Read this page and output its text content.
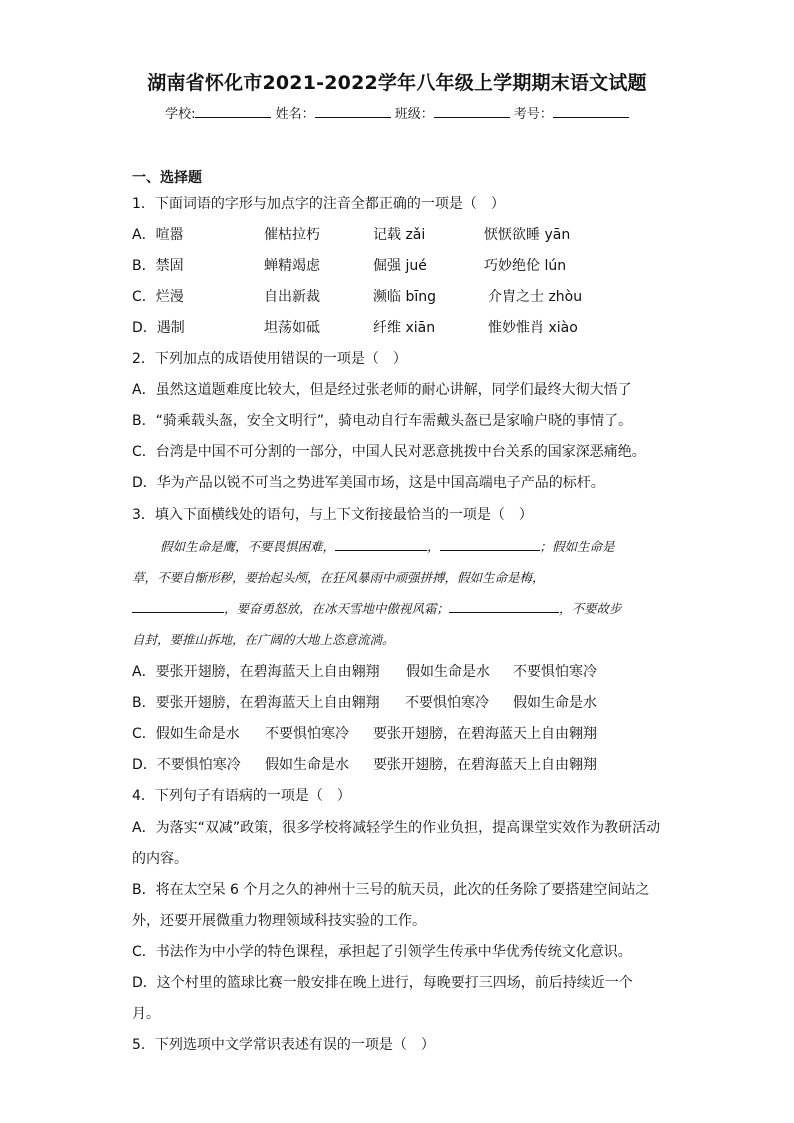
湖南省怀化市2021-2022学年八年级上学期期末语文试题
学校:	姓名：	班级：	考号：
一、选择题
1．下面词语的字形与加点字的注音全都正确的一项是（　）
A．喧嚣	催枯拉朽	记载 zǎi	恹恹欲睡 yān
B．禁固	蝉精竭虑	倔强 jué	巧妙绝伦 lún
C．烂漫	自出新裁	濒临 bīng	介胄之士 zhòu
D．遇制	坦荡如砥	纤维 xiān	惟妙惟肖 xiào
2．下列加点的成语使用错误的一项是（　）
A．虽然这道题难度比较大，但是经过张老师的耐心讲解，同学们最终大彻大悟了
B．“骑乘载头盔，安全文明行”，骑电动自行车需戴头盔已是家喻户晓的事情了。
C．台湾是中国不可分割的一部分，中国人民对恶意挑拨中台关系的国家深恶痛绝。
D．华为产品以锐不可当之势进军美国市场，这是中国高端电子产品的标杆。
3．填入下面横线处的语句，与上下文衔接最恰当的一项是（　）
假如生命是鹰，不要畏惧困难，	，	；假如生命是
草，不要自惭形秽，要抬起头颅，在狂风暴雨中顽强拼搏，假如生命是梅，
，要奋勇怒放，在冰天雪地中傲视风霜；	，不要故步
自封，要推山拆地，在广阔的大地上恣意流淌。
A．要张开翅膀，在碧海蓝天上自由翱翔 假如生命是水 不要惧怕寒冷
B．要张开翅膀，在碧海蓝天上自由翱翔 不要惧怕寒冷 假如生命是水
C．假如生命是水 不要惧怕寒冷 要张开翅膀，在碧海蓝天上自由翱翔
D．不要惧怕寒冷 假如生命是水 要张开翅膀，在碧海蓝天上自由翱翔
4．下列句子有语病的一项是（　）
A．为落实“双减”政策，很多学校将减轻学生的作业负担，提高课堂实效作为教研活动
的内容。
B．将在太空呆 6 个月之久的神州十三号的航天员，此次的任务除了要搭建空间站之
外，还要开展微重力物理领域科技实验的工作。
C．书法作为中小学的特色课程，承担起了引领学生传承中华优秀传统文化意识。
D．这个村里的篮球比赛一般安排在晚上进行，每晚要打三四场，前后持续近一个
月。
5．下列选项中文学常识表述有误的一项是（　）
